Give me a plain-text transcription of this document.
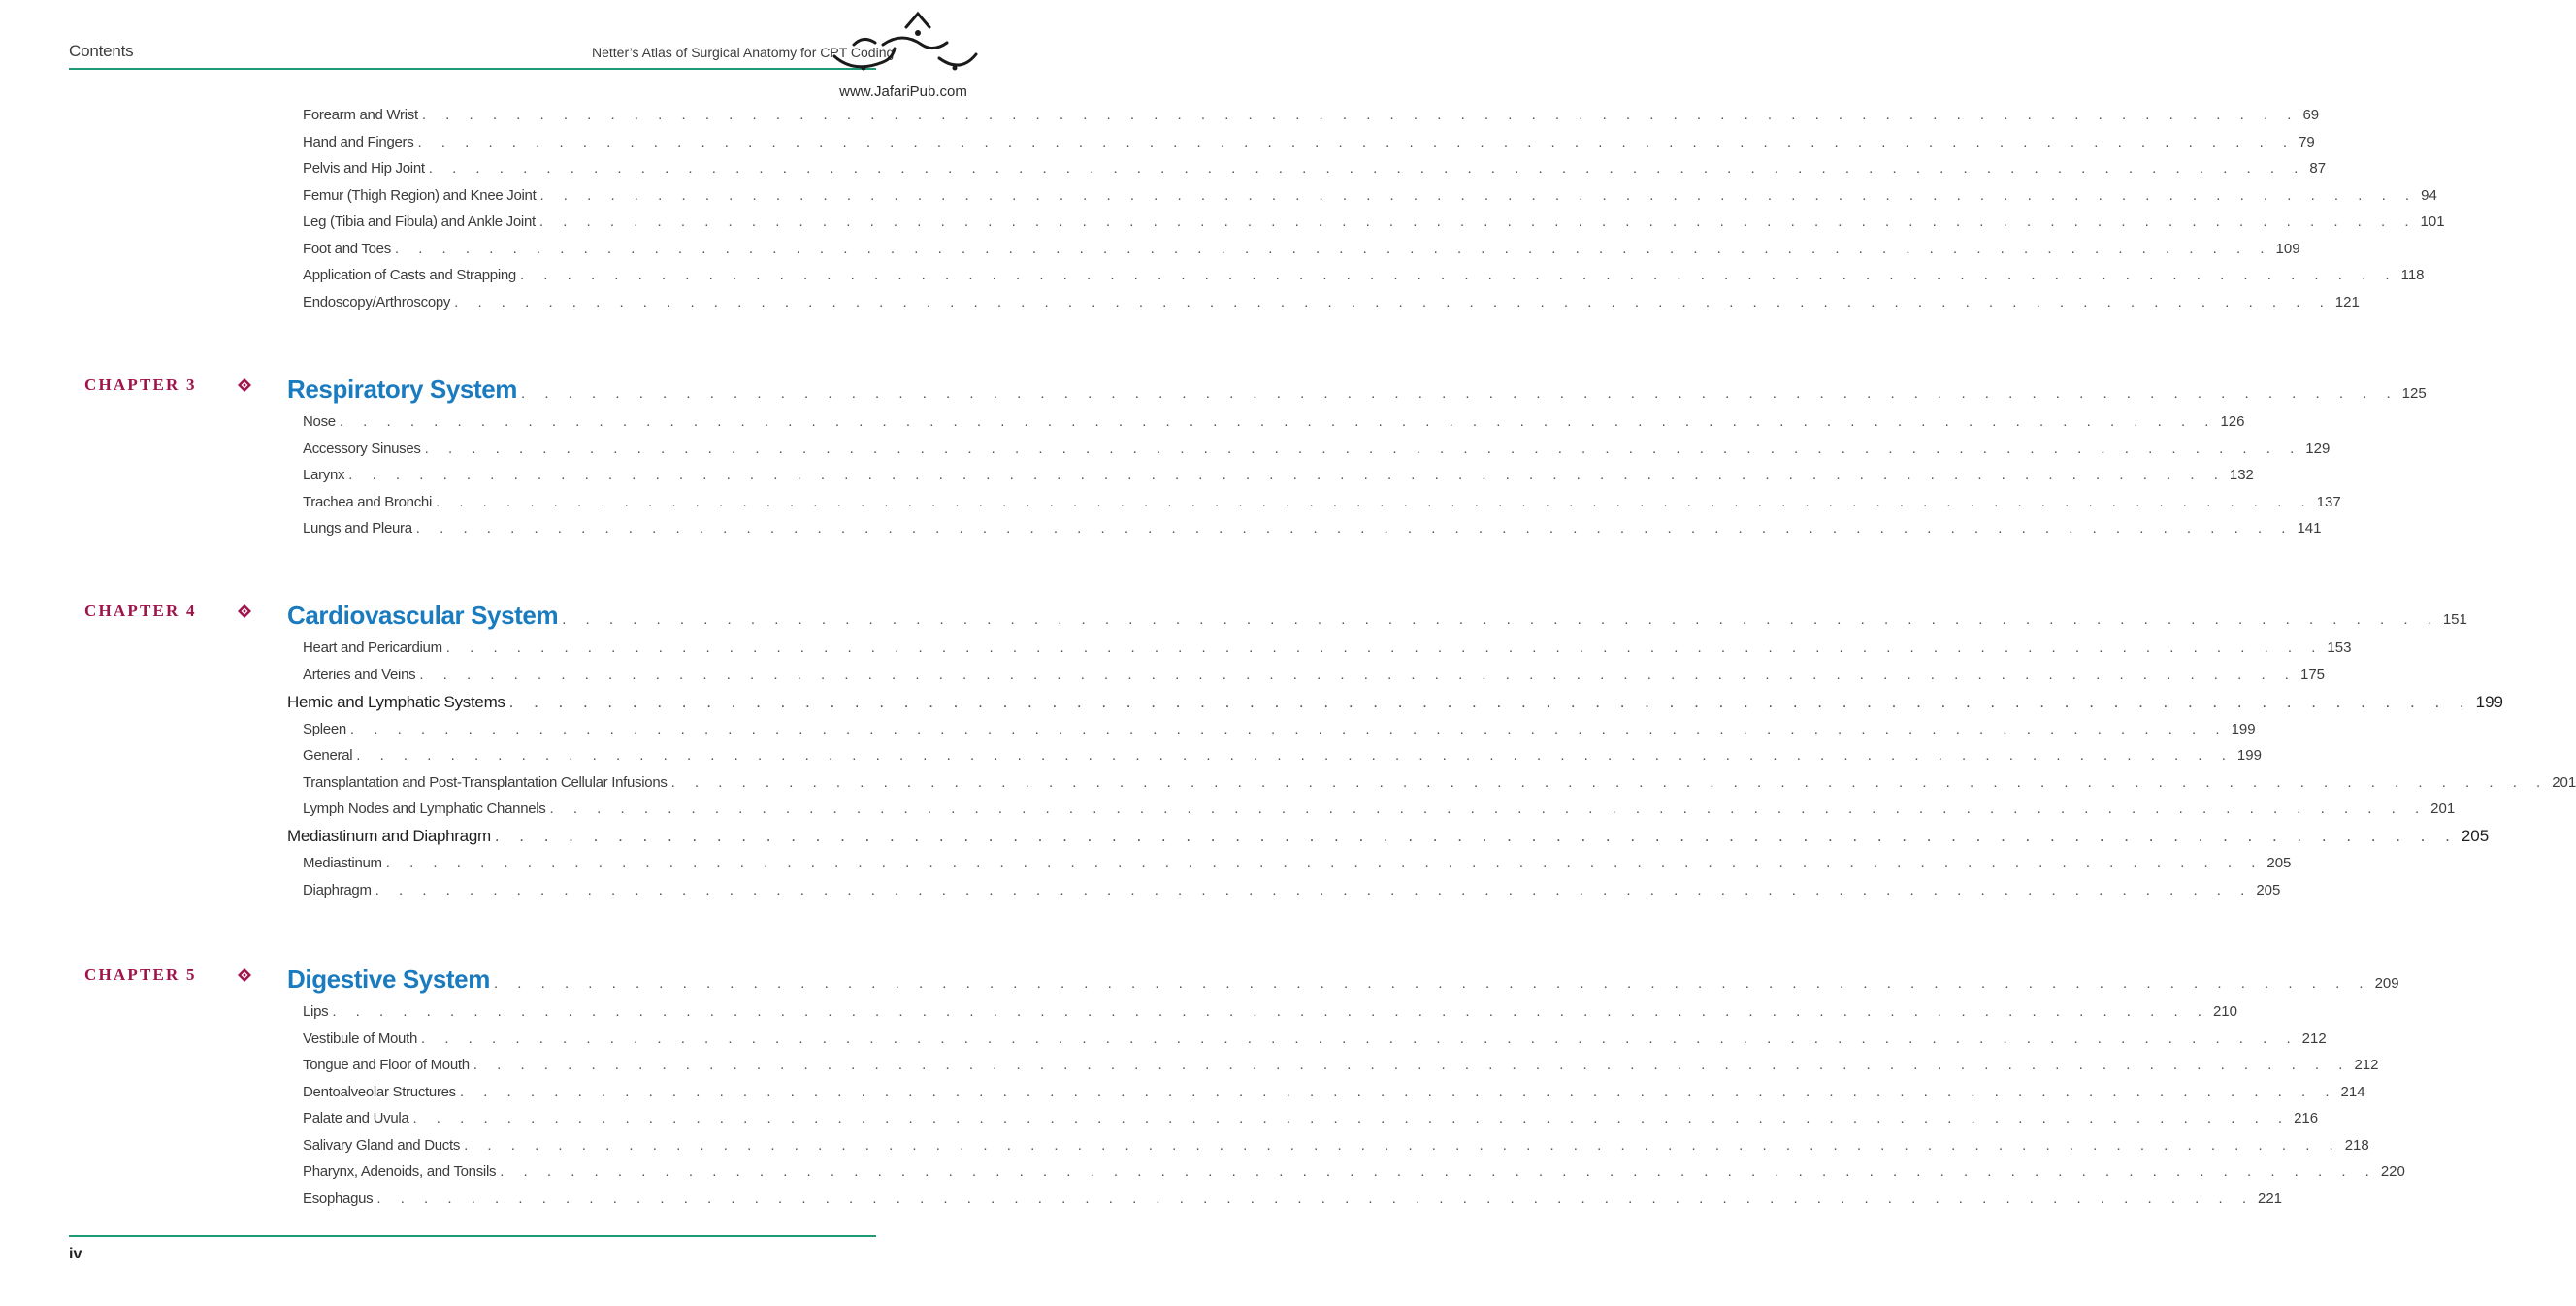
Contents	Netter’s Atlas of Surgical Anatomy for CPT Coding
www.JafariPub.com
Forearm and Wrist . . . . . . . . . . . . . . . . . . . . . . . . . . . . . . . . . . . . . . . . . . . . . . . . . . . . . . . . . . . . . . . . . . . . . . . . . . . . . . . . 69
Hand and Fingers . . . . . . . . . . . . . . . . . . . . . . . . . . . . . . . . . . . . . . . . . . . . . . . . . . . . . . . . . . . . . . . . . . . . . . . . . . . . . . . . 79
Pelvis and Hip Joint . . . . . . . . . . . . . . . . . . . . . . . . . . . . . . . . . . . . . . . . . . . . . . . . . . . . . . . . . . . . . . . . . . . . . . . . . . . . . . . . 87
Femur (Thigh Region) and Knee Joint . . . . . . . . . . . . . . . . . . . . . . . . . . . . . . . . . . . . . . . . . . . . . . . . . . . . . . . . . . . . . . . . . . . . . . . . . . . . . . . . 94
Leg (Tibia and Fibula) and Ankle Joint . . . . . . . . . . . . . . . . . . . . . . . . . . . . . . . . . . . . . . . . . . . . . . . . . . . . . . . . . . . . . . . . . . . . . . . . . . . . . . . . 101
Foot and Toes . . . . . . . . . . . . . . . . . . . . . . . . . . . . . . . . . . . . . . . . . . . . . . . . . . . . . . . . . . . . . . . . . . . . . . . . . . . . . . . . 109
Application of Casts and Strapping . . . . . . . . . . . . . . . . . . . . . . . . . . . . . . . . . . . . . . . . . . . . . . . . . . . . . . . . . . . . . . . . . . . . . . . . . . . . . . . . 118
Endoscopy/Arthroscopy . . . . . . . . . . . . . . . . . . . . . . . . . . . . . . . . . . . . . . . . . . . . . . . . . . . . . . . . . . . . . . . . . . . . . . . . . . . . . . . . 121
CHAPTER 3	Respiratory System . . . . . . . . . . . . . . . . . . . . . . . . . . . . . . . . . . . . . . . . . . . . . . . . . . . . . . . . . . . . . . . . . . . . . . . . . . . . . . . . 125
Nose . . . . . . . . . . . . . . . . . . . . . . . . . . . . . . . . . . . . . . . . . . . . . . . . . . . . . . . . . . . . . . . . . . . . . . . . . . . . . . . . 126
Accessory Sinuses . . . . . . . . . . . . . . . . . . . . . . . . . . . . . . . . . . . . . . . . . . . . . . . . . . . . . . . . . . . . . . . . . . . . . . . . . . . . . . . . 129
Larynx . . . . . . . . . . . . . . . . . . . . . . . . . . . . . . . . . . . . . . . . . . . . . . . . . . . . . . . . . . . . . . . . . . . . . . . . . . . . . . . . 132
Trachea and Bronchi . . . . . . . . . . . . . . . . . . . . . . . . . . . . . . . . . . . . . . . . . . . . . . . . . . . . . . . . . . . . . . . . . . . . . . . . . . . . . . . . 137
Lungs and Pleura . . . . . . . . . . . . . . . . . . . . . . . . . . . . . . . . . . . . . . . . . . . . . . . . . . . . . . . . . . . . . . . . . . . . . . . . . . . . . . . . 141
CHAPTER 4	Cardiovascular System . . . . . . . . . . . . . . . . . . . . . . . . . . . . . . . . . . . . . . . . . . . . . . . . . . . . . . . . . . . . . . . . . . . . . . . . . . . . . . . . 151
Heart and Pericardium . . . . . . . . . . . . . . . . . . . . . . . . . . . . . . . . . . . . . . . . . . . . . . . . . . . . . . . . . . . . . . . . . . . . . . . . . . . . . . . . 153
Arteries and Veins . . . . . . . . . . . . . . . . . . . . . . . . . . . . . . . . . . . . . . . . . . . . . . . . . . . . . . . . . . . . . . . . . . . . . . . . . . . . . . . . 175
Hemic and Lymphatic Systems . . . . . . . . . . . . . . . . . . . . . . . . . . . . . . . . . . . . . . . . . . . . . . . . . . . . . . . . . . . . . . . . . . . . . . . . . . . . . . . . 199
Spleen . . . . . . . . . . . . . . . . . . . . . . . . . . . . . . . . . . . . . . . . . . . . . . . . . . . . . . . . . . . . . . . . . . . . . . . . . . . . . . . . 199
General . . . . . . . . . . . . . . . . . . . . . . . . . . . . . . . . . . . . . . . . . . . . . . . . . . . . . . . . . . . . . . . . . . . . . . . . . . . . . . . . 199
Transplantation and Post-Transplantation Cellular Infusions . . . . . . . . . . . . . . . . . . . . . . . . . . . . . . . . . . . . . . . . . . . . . . . . . . . . . . . . . . . . . . . . . . . . . . . . . . . . . . . . 201
Lymph Nodes and Lymphatic Channels . . . . . . . . . . . . . . . . . . . . . . . . . . . . . . . . . . . . . . . . . . . . . . . . . . . . . . . . . . . . . . . . . . . . . . . . . . . . . . . . 201
Mediastinum and Diaphragm . . . . . . . . . . . . . . . . . . . . . . . . . . . . . . . . . . . . . . . . . . . . . . . . . . . . . . . . . . . . . . . . . . . . . . . . . . . . . . . . 205
Mediastinum . . . . . . . . . . . . . . . . . . . . . . . . . . . . . . . . . . . . . . . . . . . . . . . . . . . . . . . . . . . . . . . . . . . . . . . . . . . . . . . . 205
Diaphragm . . . . . . . . . . . . . . . . . . . . . . . . . . . . . . . . . . . . . . . . . . . . . . . . . . . . . . . . . . . . . . . . . . . . . . . . . . . . . . . . 205
CHAPTER 5	Digestive System . . . . . . . . . . . . . . . . . . . . . . . . . . . . . . . . . . . . . . . . . . . . . . . . . . . . . . . . . . . . . . . . . . . . . . . . . . . . . . . . 209
Lips . . . . . . . . . . . . . . . . . . . . . . . . . . . . . . . . . . . . . . . . . . . . . . . . . . . . . . . . . . . . . . . . . . . . . . . . . . . . . . . . 210
Vestibule of Mouth . . . . . . . . . . . . . . . . . . . . . . . . . . . . . . . . . . . . . . . . . . . . . . . . . . . . . . . . . . . . . . . . . . . . . . . . . . . . . . . . 212
Tongue and Floor of Mouth . . . . . . . . . . . . . . . . . . . . . . . . . . . . . . . . . . . . . . . . . . . . . . . . . . . . . . . . . . . . . . . . . . . . . . . . . . . . . . . . 212
Dentoalveolar Structures . . . . . . . . . . . . . . . . . . . . . . . . . . . . . . . . . . . . . . . . . . . . . . . . . . . . . . . . . . . . . . . . . . . . . . . . . . . . . . . . 214
Palate and Uvula . . . . . . . . . . . . . . . . . . . . . . . . . . . . . . . . . . . . . . . . . . . . . . . . . . . . . . . . . . . . . . . . . . . . . . . . . . . . . . . . 216
Salivary Gland and Ducts . . . . . . . . . . . . . . . . . . . . . . . . . . . . . . . . . . . . . . . . . . . . . . . . . . . . . . . . . . . . . . . . . . . . . . . . . . . . . . . . 218
Pharynx, Adenoids, and Tonsils . . . . . . . . . . . . . . . . . . . . . . . . . . . . . . . . . . . . . . . . . . . . . . . . . . . . . . . . . . . . . . . . . . . . . . . . . . . . . . . . 220
Esophagus . . . . . . . . . . . . . . . . . . . . . . . . . . . . . . . . . . . . . . . . . . . . . . . . . . . . . . . . . . . . . . . . . . . . . . . . . . . . . . . . 221
iv
